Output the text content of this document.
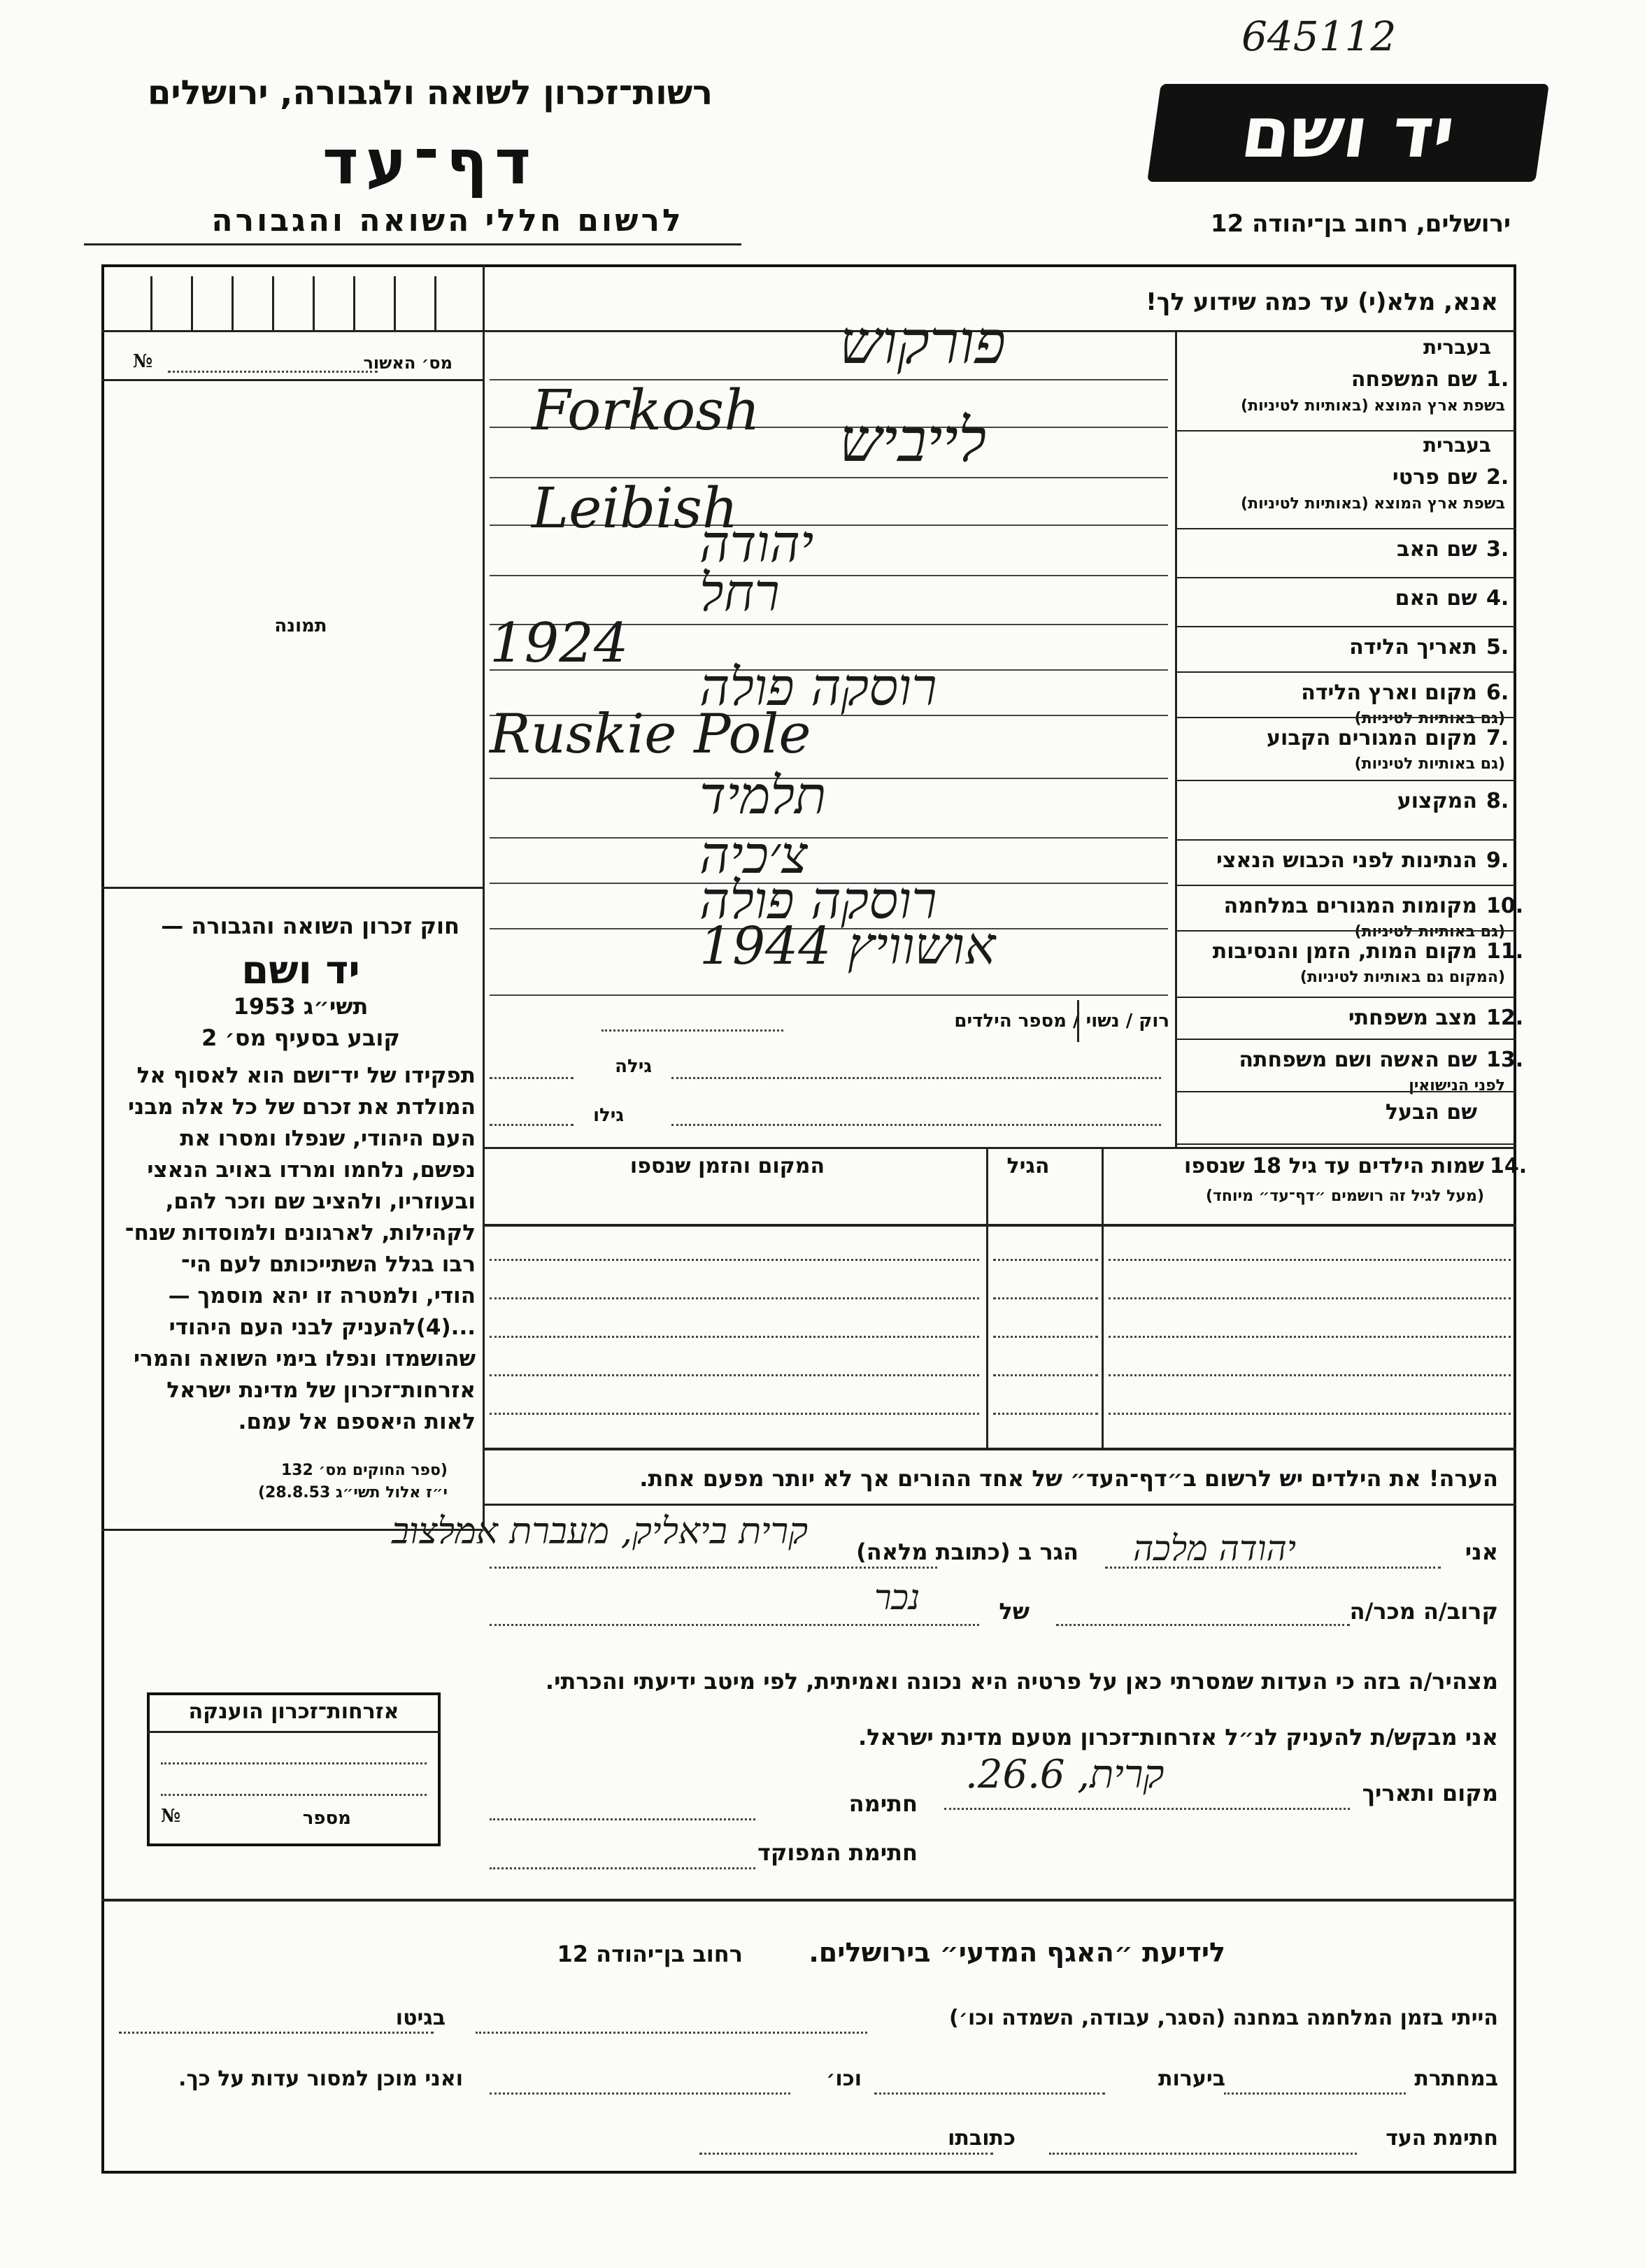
645112
רשות־זכרון לשואה ולגבורה, ירושלים
דף־עד
לרשום חללי השואה והגבורה
יד ושם
ירושלים, רחוב בן־יהודה 12
אנא, מלא(י) עד כמה שידוע לך!
מס׳ האשור
№
תמונה
חוק זכרון השואה והגבורה —
יד ושם
תשי״ג 1953
קובע בסעיף מס׳ 2
תפקידו של יד־ושם הוא לאסוף אל
המולדת את זכרם של כל אלה מבני
העם היהודי, שנפלו ומסרו את
נפשם, נלחמו ומרדו באויב הנאצי
ובעוזריו, ולהציב שם וזכר להם,
לקהילות, לארגונים ולמוסדות שנח־
רבו בגלל השתייכותם לעם הי־
הודי, ולמטרה זו יהא מוסמך —
...(4)להעניק לבני העם היהודי
שהושמדו ונפלו בימי השואה והמרי
אזרחות־זכרון של מדינת ישראל
לאות היאספם אל עמם.
(ספר החוקים מס׳ 132
י״ז אלול תשי״ג 28.8.53)
1.
בעברית
שם המשפחה
בשפת ארץ המוצא (באותיות לטיניות)
פורקוש
Forkosh
2.
בעברית
שם פרטי
בשפת ארץ המוצא (באותיות לטיניות)
לייביש
Leibish
3.
שם האב
יהודה
4.
שם האם
רחל
5.
תאריך הלידה
1924
6.
מקום וארץ הלידה
(גם באותיות לטיניות)
רוסקה פולה
7.
מקום המגורים הקבוע
(גם באותיות לטיניות)
Ruskie Pole
8.
המקצוע
תלמיד
9.
הנתינות לפני הכבוש הנאצי
צ׳כיה
10.
מקומות המגורים במלחמה
(גם באותיות לטיניות)
רוסקה פולה
11.
מקום המות, הזמן והנסיבות
(המקום גם באותיות לטיניות)
אושוויץ 1944
12.
מצב משפחתי
רוק / נשוי / מספר הילדים
13.
שם האשה ושם משפחתה
לפני הנישואין
גילה
שם הבעל
גילו
14.
שמות הילדים עד גיל 18 שנספו
(מעל לגיל זה רושמים ״דף־עד״ מיוחד)
הגיל
המקום והזמן שנספו
הערה! את הילדים יש לרשום ב״דף־העד״ של אחד ההורים אך לא יותר מפעם אחת.
אני
יהודה מלכה
הגר ב (כתובת מלאה)
קרית ביאליק, מעברת אמלצוב
קרוב/ה מכר/ה
של
נכר
מצהיר/ה בזה כי העדות שמסרתי כאן על פרטיה היא נכונה ואמיתית, לפי מיטב ידיעתי והכרתי.
אני מבקש/ת להעניק לנ״ל אזרחות־זכרון מטעם מדינת ישראל.
מקום ותאריך
קרית, 26.6.
חתימה
חתימת המפוקד
אזרחות־זכרון הוענקה
מספר
№
לידיעת ״האגף המדעי״ בירושלים.
רחוב בן־יהודה 12
הייתי בזמן המלחמה במחנה (הסגר, עבודה, השמדה וכו׳)
בגיטו
במחתרת
ביערות
וכו׳
ואני מוכן למסור עדות על כך.
חתימת העד
כתובתו
